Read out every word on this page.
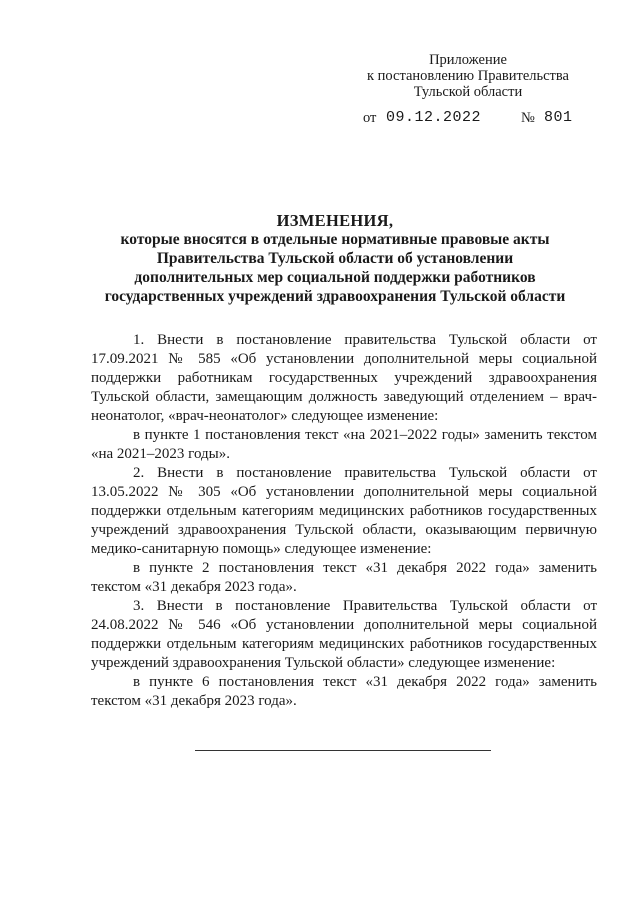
Приложение
к постановлению Правительства
Тульской области
от 09.12.2022	№ 801
ИЗМЕНЕНИЯ,
которые вносятся в отдельные нормативные правовые акты
Правительства Тульской области об установлении
дополнительных мер социальной поддержки работников
государственных учреждений здравоохранения Тульской области

1. Внести в постановление правительства Тульской области от 17.09.2021 № 585 «Об установлении дополнительной меры социальной поддержки работникам государственных учреждений здравоохранения Тульской области, замещающим должность заведующий отделением – врач-неонатолог, «врач-неонатолог» следующее изменение:

в пункте 1 постановления текст «на 2021–2022 годы» заменить текстом «на 2021–2023 годы».

2. Внести в постановление правительства Тульской области от 13.05.2022 № 305 «Об установлении дополнительной меры социальной поддержки отдельным категориям медицинских работников государственных учреждений здравоохранения Тульской области, оказывающим первичную медико-санитарную помощь» следующее изменение:

в пункте 2 постановления текст «31 декабря 2022 года» заменить текстом «31 декабря 2023 года».

3. Внести в постановление Правительства Тульской области от 24.08.2022 № 546 «Об установлении дополнительной меры социальной поддержки отдельным категориям медицинских работников государственных учреждений здравоохранения Тульской области» следующее изменение:

в пункте 6 постановления текст «31 декабря 2022 года» заменить текстом «31 декабря 2023 года».
